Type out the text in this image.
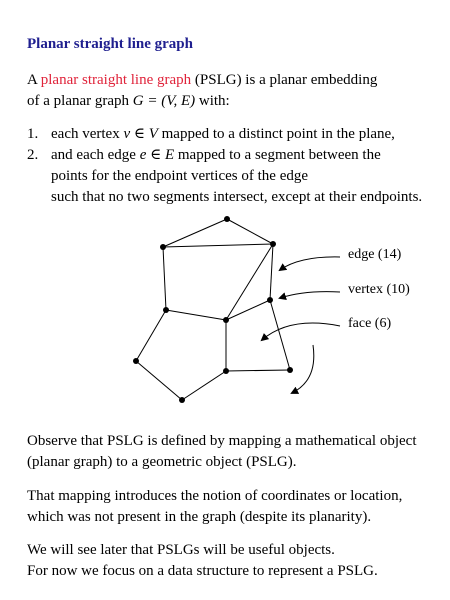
Planar straight line graph
A planar straight line graph (PSLG) is a planar embedding
of a planar graph G = (V, E) with:
1. each vertex v ∈ V mapped to a distinct point in the plane,
2. and each edge e ∈ E mapped to a segment between the
points for the endpoint vertices of the edge
such that no two segments intersect, except at their endpoints.
edge (14)
vertex (10)
face (6)
Observe that PSLG is defined by mapping a mathematical object
(planar graph) to a geometric object (PSLG).
That mapping introduces the notion of coordinates or location,
which was not present in the graph (despite its planarity).
We will see later that PSLGs will be useful objects.
For now we focus on a data structure to represent a PSLG.
